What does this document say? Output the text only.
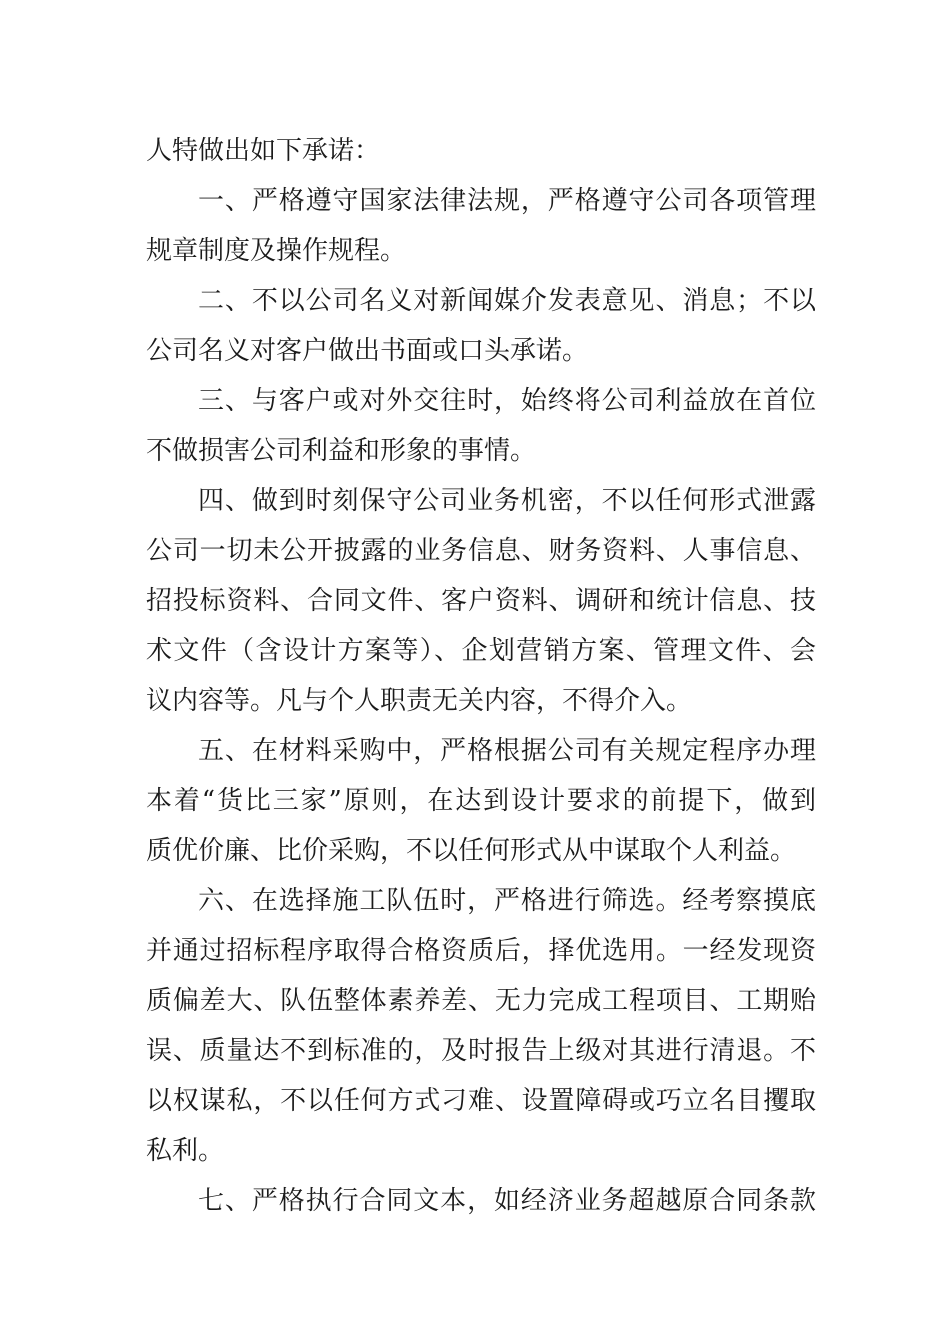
人特做出如下承诺：
一、严格遵守国家法律法规，严格遵守公司各项管理
规章制度及操作规程。
二、不以公司名义对新闻媒介发表意见、消息；不以
公司名义对客户做出书面或口头承诺。
三、与客户或对外交往时，始终将公司利益放在首位
不做损害公司利益和形象的事情。
四、做到时刻保守公司业务机密，不以任何形式泄露
公司一切未公开披露的业务信息、财务资料、人事信息、
招投标资料、合同文件、客户资料、调研和统计信息、技
术文件（含设计方案等）、企划营销方案、管理文件、会
议内容等。凡与个人职责无关内容，不得介入。
五、在材料采购中，严格根据公司有关规定程序办理
本着“货比三家”原则，在达到设计要求的前提下，做到
质优价廉、比价采购，不以任何形式从中谋取个人利益。
六、在选择施工队伍时，严格进行筛选。经考察摸底
并通过招标程序取得合格资质后，择优选用。一经发现资
质偏差大、队伍整体素养差、无力完成工程项目、工期贻
误、质量达不到标准的，及时报告上级对其进行清退。不
以权谋私，不以任何方式刁难、设置障碍或巧立名目攫取
私利。
七、严格执行合同文本，如经济业务超越原合同条款
